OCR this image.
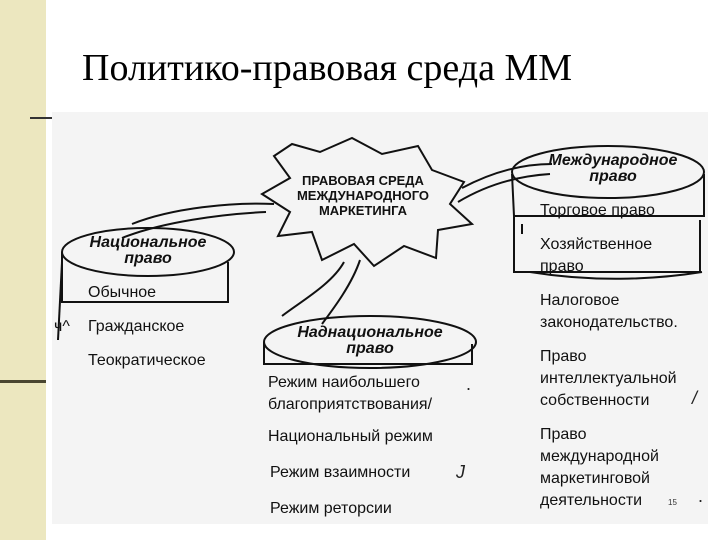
Политико-правовая среда ММ
ПРАВОВАЯ СРЕДА
МЕЖДУНАРОДНОГО
МАРКЕТИНГА
Национальное
право
Обычное
ч^ Гражданское
Теократическое
Наднациональное
право
Режим наибольшего	.
благоприятствования/
Национальный режим
Режим взаимности	J
Режим реторсии
Международное
право
Торговое право
Хозяйственное
право
Налоговое
законодательство.
Право
интеллектуальной
собственности /
Право
международной
маркетинговой
деятельности	.
15
